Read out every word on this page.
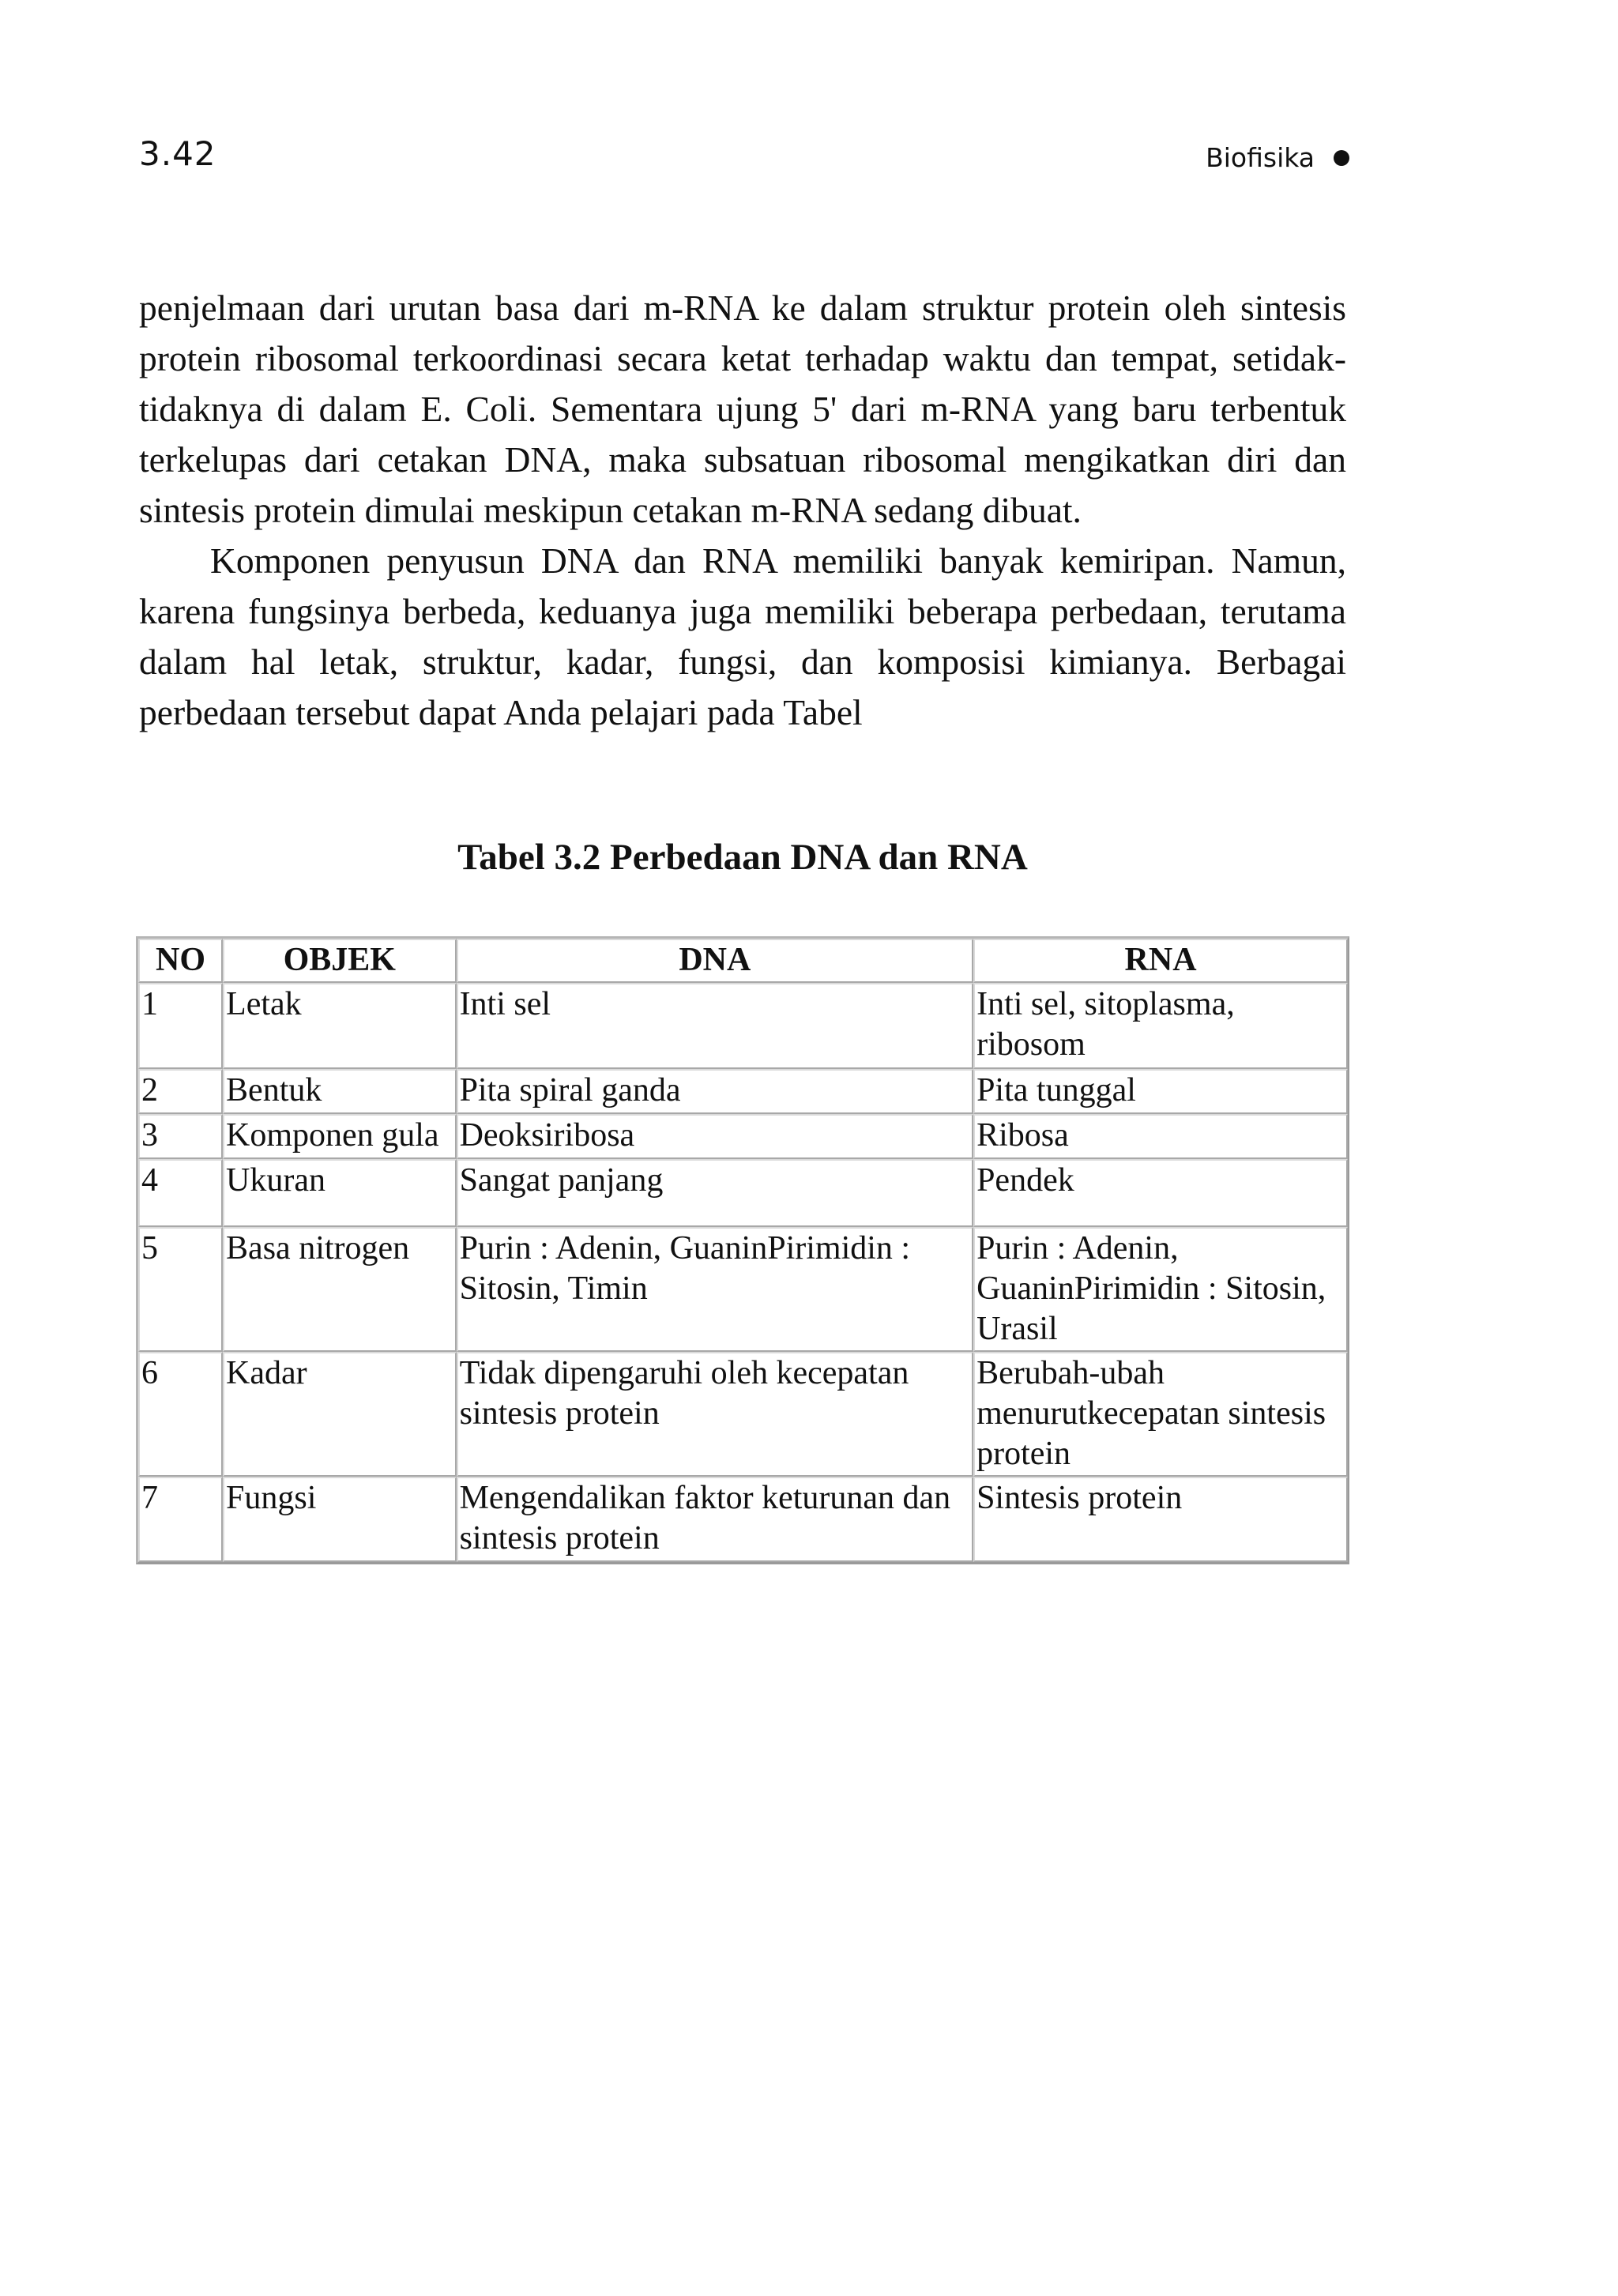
3.42	Biofisika

penjelmaan dari urutan basa dari m-RNA ke dalam struktur protein oleh sintesis protein ribosomal terkoordinasi secara ketat terhadap waktu dan tempat, setidak-tidaknya di dalam E. Coli. Sementara ujung 5' dari m-RNA yang baru terbentuk terkelupas dari cetakan DNA, maka subsatuan ribosomal mengikatkan diri dan sintesis protein dimulai meskipun cetakan m-RNA sedang dibuat.

Komponen penyusun DNA dan RNA memiliki banyak kemiripan. Namun, karena fungsinya berbeda, keduanya juga memiliki beberapa perbedaan, terutama dalam hal letak, struktur, kadar, fungsi, dan komposisi kimianya. Berbagai perbedaan tersebut dapat Anda pelajari pada Tabel

Tabel 3.2 Perbedaan DNA dan RNA
NO	OBJEK	DNA	RNA
1	Letak	Inti sel	Inti sel, sitoplasma, ribosom
2	Bentuk	Pita spiral ganda	Pita tunggal
3	Komponen gula	Deoksiribosa	Ribosa
4	Ukuran	Sangat panjang	Pendek
5	Basa nitrogen	Purin : Adenin, GuaninPirimidin : Sitosin, Timin	Purin : Adenin, GuaninPirimidin : Sitosin, Urasil
6	Kadar	Tidak dipengaruhi oleh kecepatan sintesis protein	Berubah-ubah menurutkecepatan sintesis protein
7	Fungsi	Mengendalikan faktor keturunan dan sintesis protein	Sintesis protein
